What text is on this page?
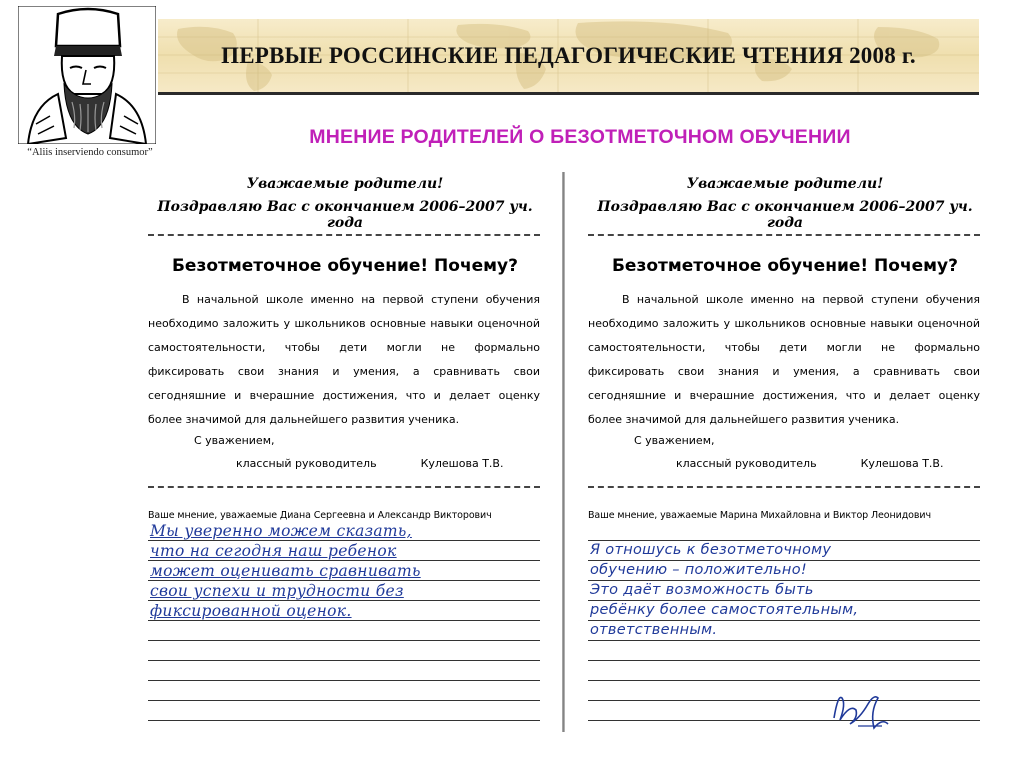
“Aliis inserviendo consumor”
ПЕРВЫЕ РОССИНСКИЕ ПЕДАГОГИЧЕСКИЕ ЧТЕНИЯ 2008 г.
МНЕНИЕ РОДИТЕЛЕЙ О БЕЗОТМЕТОЧНОМ ОБУЧЕНИИ
Уважаемые родители!
Поздравляю Вас с окончанием 2006–2007 уч. года
Безотметочное обучение! Почему?
В начальной школе именно на первой ступени обучения необходимо заложить у школьников основные навыки оценочной самостоятельности, чтобы дети могли не формально фиксировать свои знания и умения, а сравнивать свои сегодняшние и вчерашние достижения, что и делает оценку более значимой для дальнейшего развития ученика.
С уважением,
классный руководитель	Кулешова Т.В.
Ваше мнение, уважаемые Диана Сергеевна и Александр Викторович
Мы уверенно можем сказать,
что на сегодня наш ребенок
может оценивать сравнивать
свои успехи и трудности без
фиксированной оценок.
Уважаемые родители!
Поздравляю Вас с окончанием 2006–2007 уч. года
Безотметочное обучение! Почему?
В начальной школе именно на первой ступени обучения необходимо заложить у школьников основные навыки оценочной самостоятельности, чтобы дети могли не формально фиксировать свои знания и умения, а сравнивать свои сегодняшние и вчерашние достижения, что и делает оценку более значимой для дальнейшего развития ученика.
С уважением,
классный руководитель	Кулешова Т.В.
Ваше мнение, уважаемые Марина Михайловна и Виктор Леонидович
Я отношусь к безотметочному
обучению – положительно!
Это даёт возможность быть
ребёнку более самостоятельным,
ответственным.
